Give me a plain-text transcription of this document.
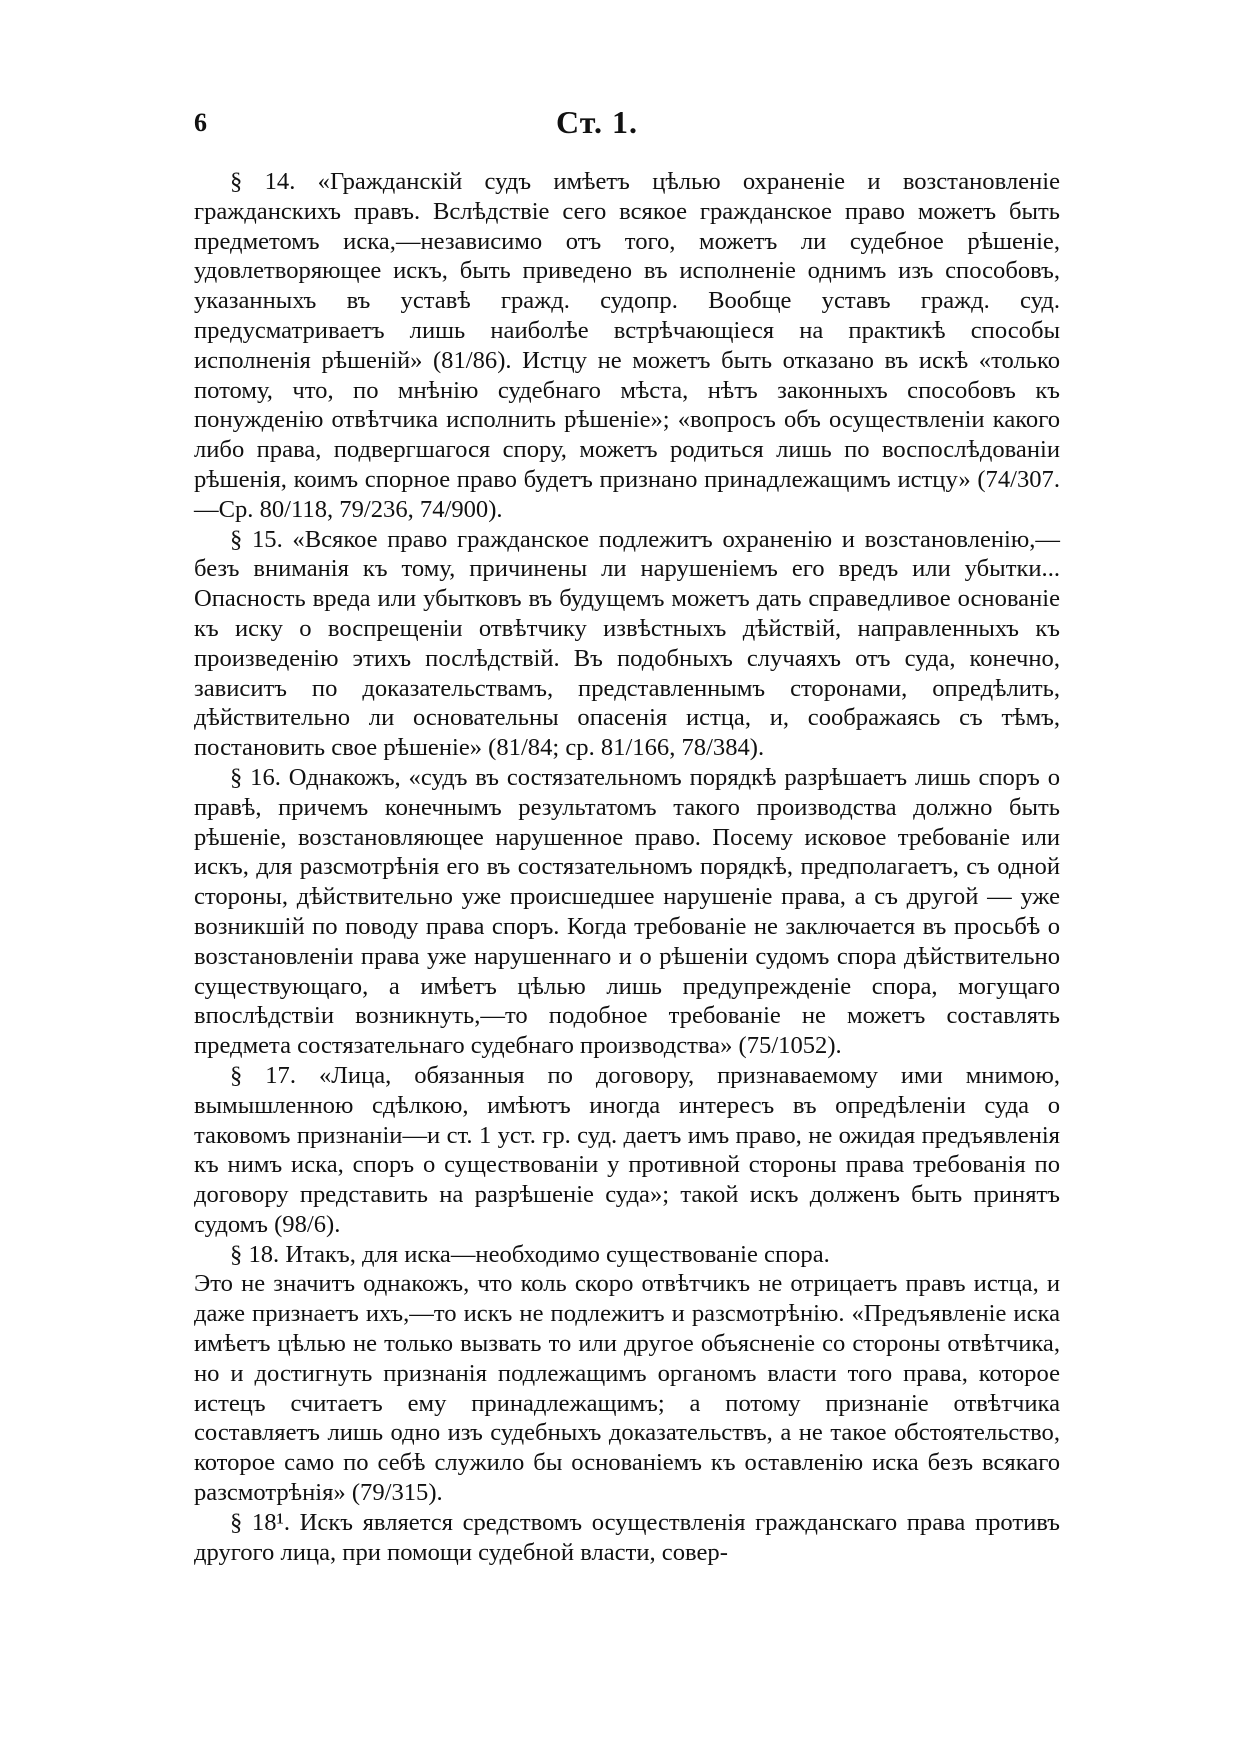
6	Ст. 1.

§ 14. «Гражданскій судъ имѣетъ цѣлью охраненіе и возстановленіе гражданскихъ правъ. Вслѣдствіе сего всякое гражданское право можетъ быть предметомъ иска,—независимо отъ того, можетъ ли судебное рѣшеніе, удовлетворяющее искъ, быть приведено въ исполненіе однимъ изъ способовъ, указанныхъ въ уставѣ гражд. судопр. Вообще уставъ гражд. суд. предусматриваетъ лишь наиболѣе встрѣчающіеся на практикѣ способы исполненія рѣшеній» (81/86). Истцу не можетъ быть отказано въ искѣ «только потому, что, по мнѣнію судебнаго мѣста, нѣтъ законныхъ способовъ къ понужденію отвѣтчика исполнить рѣшеніе»; «вопросъ объ осуществленіи какого либо права, подвергшагося спору, можетъ родиться лишь по воспослѣдованіи рѣшенія, коимъ спорное право будетъ признано принадлежащимъ истцу» (74/307.—Ср. 80/118, 79/236, 74/900).

§ 15. «Всякое право гражданское подлежитъ охраненію и возстановленію,—безъ вниманія къ тому, причинены ли нарушеніемъ его вредъ или убытки... Опасность вреда или убытковъ въ будущемъ можетъ дать справедливое основаніе къ иску о воспрещеніи отвѣтчику извѣстныхъ дѣйствій, направленныхъ къ произведенію этихъ послѣдствій. Въ подобныхъ случаяхъ отъ суда, конечно, зависитъ по доказательствамъ, представленнымъ сторонами, опредѣлить, дѣйствительно ли основательны опасенія истца, и, соображаясь съ тѣмъ, постановить свое рѣшеніе» (81/84; ср. 81/166, 78/384).

§ 16. Однакожъ, «судъ въ состязательномъ порядкѣ разрѣшаетъ лишь споръ о правѣ, причемъ конечнымъ результатомъ такого производства должно быть рѣшеніе, возстановляющее нарушенное право. Посему исковое требованіе или искъ, для разсмотрѣнія его въ состязательномъ порядкѣ, предполагаетъ, съ одной стороны, дѣйствительно уже происшедшее нарушеніе права, а съ другой — уже возникшій по поводу права споръ. Когда требованіе не заключается въ просьбѣ о возстановленіи права уже нарушеннаго и о рѣшеніи судомъ спора дѣйствительно существующаго, а имѣетъ цѣлью лишь предупрежденіе спора, могущаго впослѣдствіи возникнуть,—то подобное требованіе не можетъ составлять предмета состязательнаго судебнаго производства» (75/1052).

§ 17. «Лица, обязанныя по договору, признаваемому ими мнимою, вымышленною сдѣлкою, имѣютъ иногда интересъ въ опредѣленіи суда о таковомъ признаніи—и ст. 1 уст. гр. суд. даетъ имъ право, не ожидая предъявленія къ нимъ иска, споръ о существованіи у противной стороны права требованія по договору представить на разрѣшеніе суда»; такой искъ долженъ быть принятъ судомъ (98/6).

§ 18. Итакъ, для иска—необходимо существованіе спора.

Это не значитъ однакожъ, что коль скоро отвѣтчикъ не отрицаетъ правъ истца, и даже признаетъ ихъ,—то искъ не подлежитъ и разсмотрѣнію. «Предъявленіе иска имѣетъ цѣлью не только вызвать то или другое объясненіе со стороны отвѣтчика, но и достигнуть признанія подлежащимъ органомъ власти того права, которое истецъ считаетъ ему принадлежащимъ; а потому признаніе отвѣтчика составляетъ лишь одно изъ судебныхъ доказательствъ, а не такое обстоятельство, которое само по себѣ служило бы основаніемъ къ оставленію иска безъ всякаго разсмотрѣнія» (79/315).

§ 18¹. Искъ является средствомъ осуществленія гражданскаго права противъ другого лица, при помощи судебной власти, совер-
